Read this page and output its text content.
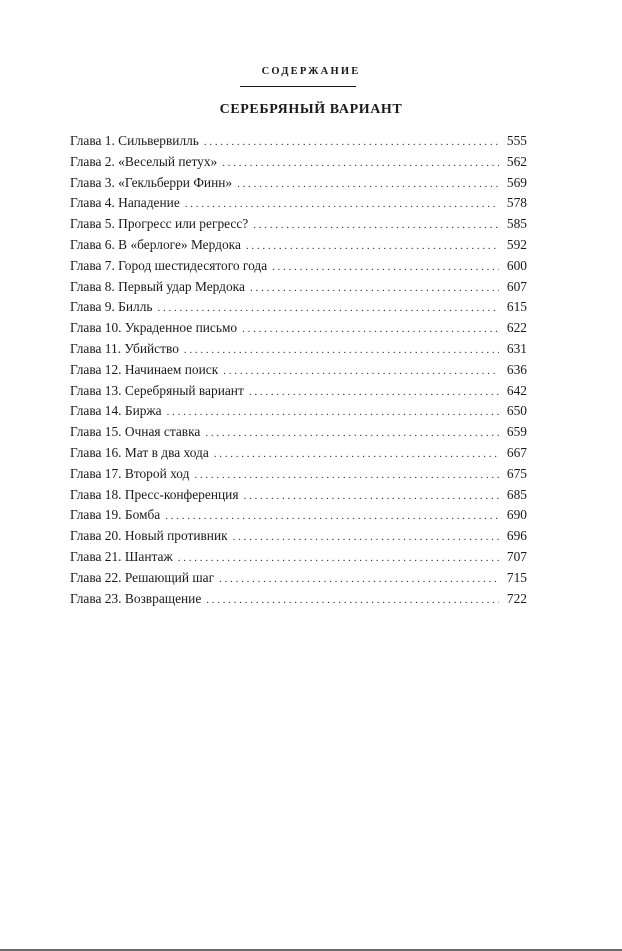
СОДЕРЖАНИЕ
СЕРЕБРЯНЫЙ ВАРИАНТ
Глава 1. Сильвервилль . . .	555
Глава 2. «Веселый петух» . . .	562
Глава 3. «Гекльберри Финн» . . .	569
Глава 4. Нападение . . .	578
Глава 5. Прогресс или регресс? . . .	585
Глава 6. В «берлоге» Мердока . . .	592
Глава 7. Город шестидесятого года . . .	600
Глава 8. Первый удар Мердока . . .	607
Глава 9. Билль . . .	615
Глава 10. Украденное письмо . . .	622
Глава 11. Убийство . . .	631
Глава 12. Начинаем поиск . . .	636
Глава 13. Серебряный вариант . . .	642
Глава 14. Биржа . . .	650
Глава 15. Очная ставка . . .	659
Глава 16. Мат в два хода . . .	667
Глава 17. Второй ход . . .	675
Глава 18. Пресс-конференция . . .	685
Глава 19. Бомба . . .	690
Глава 20. Новый противник . . .	696
Глава 21. Шантаж . . .	707
Глава 22. Решающий шаг . . .	715
Глава 23. Возвращение . . .	722
